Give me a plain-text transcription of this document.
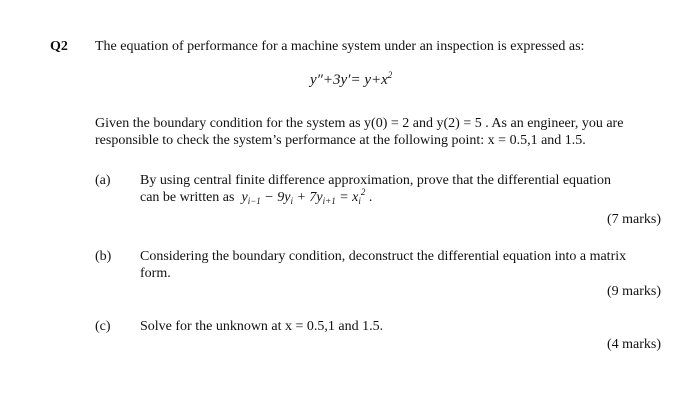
Q2 The equation of performance for a machine system under an inspection is expressed as:
$y''+3y'= y+x^2$
Given the boundary condition for the system as y(0) = 2 and y(2) = 5 . As an engineer, you are
responsible to check the system’s performance at the following point: x = 0.5,1 and 1.5.
(a) By using central finite difference approximation, prove that the differential equation
can be written as $y_{i-1} - 9y_i + 7y_{i+1} = x_i^2$ .
(7 marks)
(b) Considering the boundary condition, deconstruct the differential equation into a matrix
form.
(9 marks)
(c) Solve for the unknown at x = 0.5,1 and 1.5.
(4 marks)
